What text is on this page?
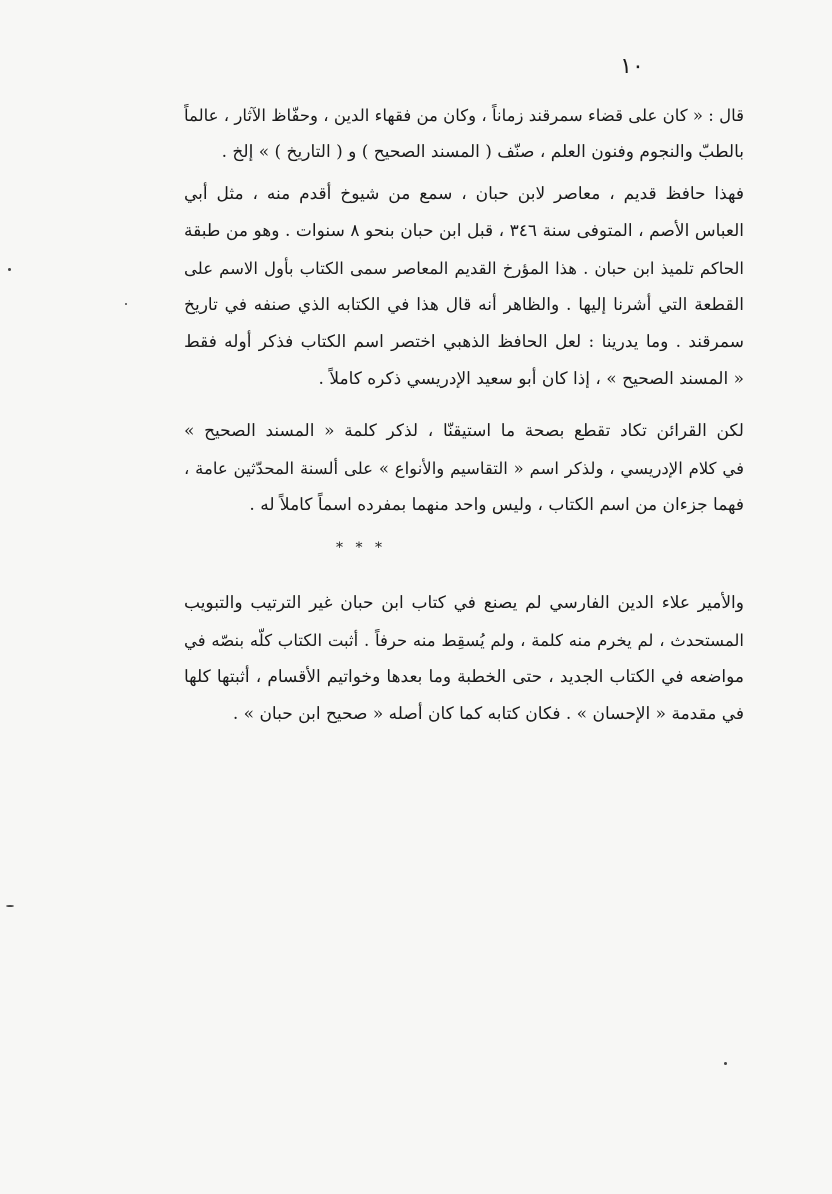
١٠
قال : « كان على قضاء سمرقند زماناً ، وكان من فقهاء الدين ، وحفّاظ الآثار ، عالماً
بالطبّ والنجوم وفنون العلم ، صنّف ( المسند الصحيح ) و ( التاريخ ) » إلخ .
فهذا حافظ قديم ، معاصر لابن حبان ، سمع من شيوخ أقدم منه ، مثل أبي
العباس الأصم ، المتوفى سنة ٣٤٦ ، قبل ابن حبان بنحو ٨ سنوات . وهو من طبقة
الحاكم تلميذ ابن حبان . هذا المؤرخ القديم المعاصر سمى الكتاب بأول الاسم على
القطعة التي أشرنا إليها . والظاهر أنه قال هذا في الكتابه الذي صنفه في تاريخ
سمرقند . وما يدرينا : لعل الحافظ الذهبي اختصر اسم الكتاب فذكر أوله فقط
« المسند الصحيح » ، إذا كان أبو سعيد الإدريسي ذكره كاملاً .
لكن القرائن تكاد تقطع بصحة ما استيقنّا ، لذكر كلمة « المسند الصحيح »
في كلام الإدريسي ، ولذكر اسم « التقاسيم والأنواع » على ألسنة المحدّثين عامة ،
فهما جزءان من اسم الكتاب ، وليس واحد منهما بمفرده اسماً كاملاً له .
* * *
والأمير علاء الدين الفارسي لم يصنع في كتاب ابن حبان غير الترتيب والتبويب
المستحدث ، لم يخرم منه كلمة ، ولم يُسقِط منه حرفاً . أثبت الكتاب كلّه بنصّه في
مواضعه في الكتاب الجديد ، حتى الخطبة وما بعدها وخواتيم الأقسام ، أثبتها كلها
في مقدمة « الإحسان » . فكان كتابه كما كان أصله « صحيح ابن حبان » .
